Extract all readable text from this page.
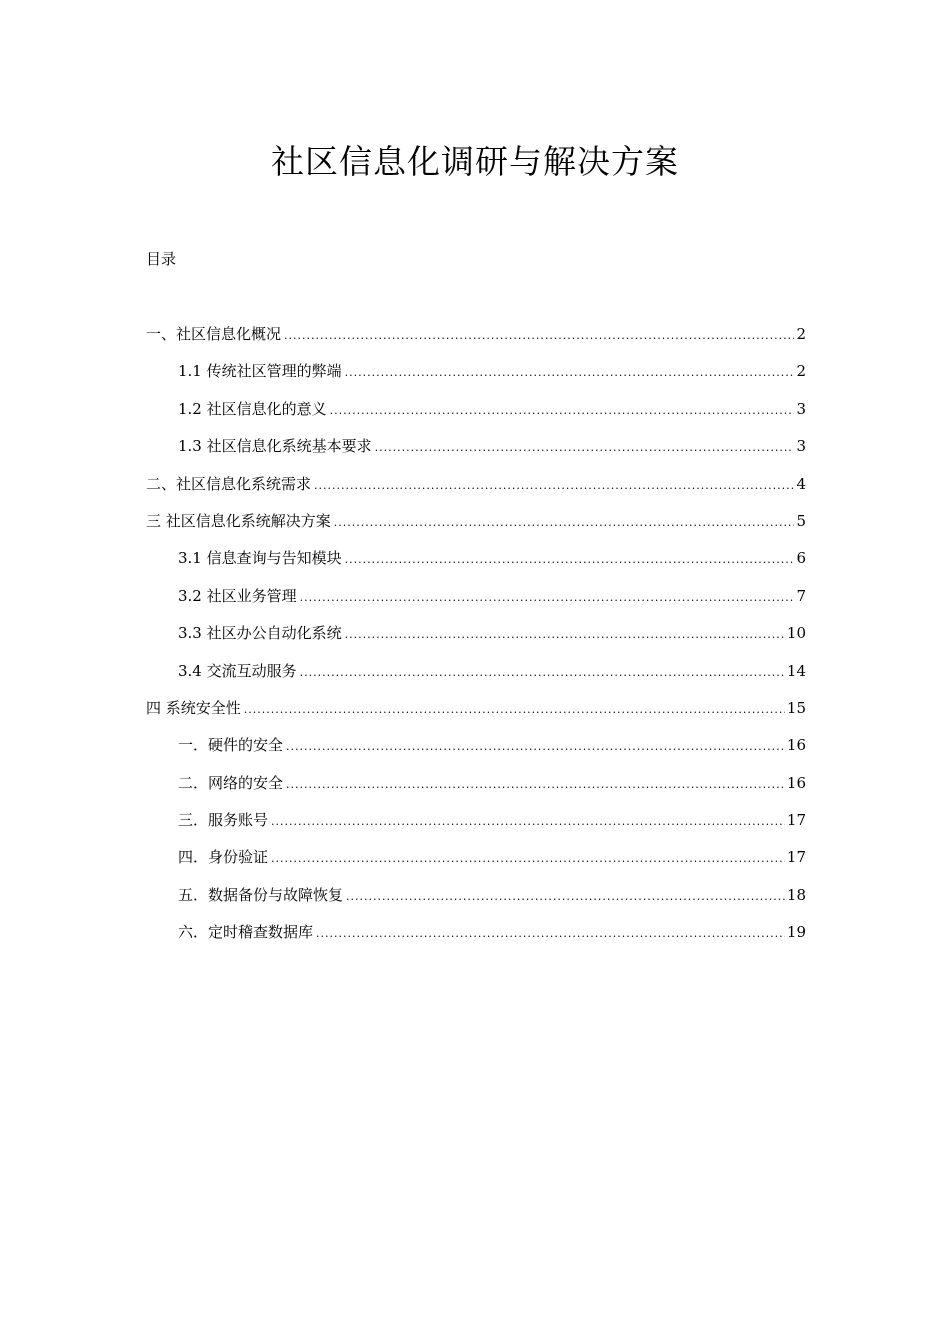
社区信息化调研与解决方案
目录
一、社区信息化概况 .....	2
1.1 传统社区管理的弊端 .....	2
1.2 社区信息化的意义 .....	3
1.3 社区信息化系统基本要求 .....	3
二、社区信息化系统需求 .....	4
三 社区信息化系统解决方案 .....	5
3.1 信息查询与告知模块 .....	6
3.2 社区业务管理 .....	7
3.3 社区办公自动化系统 .....	10
3.4 交流互动服务 .....	14
四 系统安全性 .....	15
一．硬件的安全 .....	16
二．网络的安全 .....	16
三．服务账号 .....	17
四．身份验证 .....	17
五．数据备份与故障恢复 .....	18
六．定时稽查数据库 .....	19
